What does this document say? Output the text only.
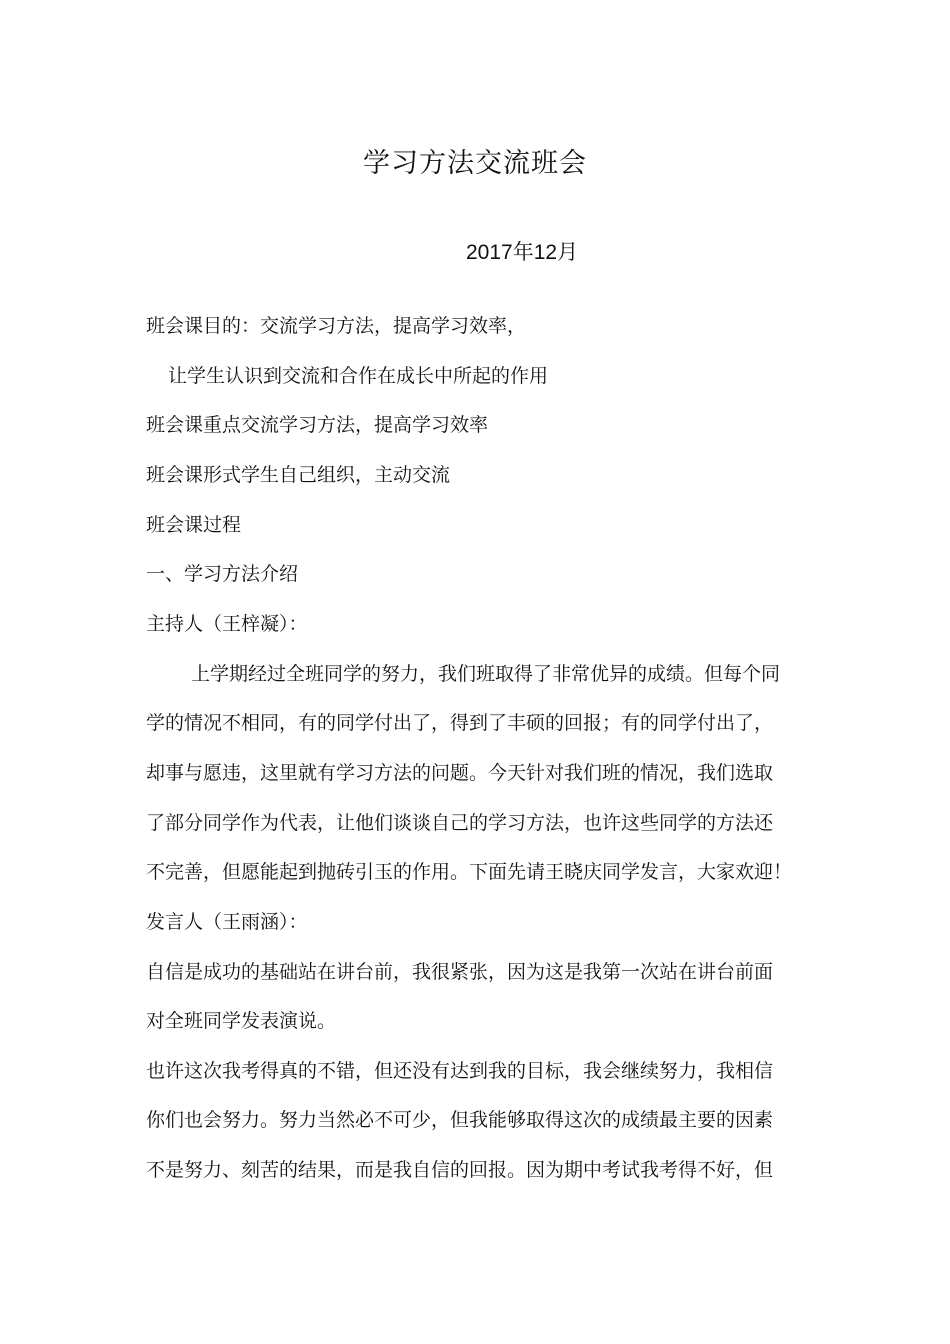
学习方法交流班会
2017年12月
班会课目的：交流学习方法，提高学习效率，
让学生认识到交流和合作在成长中所起的作用
班会课重点交流学习方法，提高学习效率
班会课形式学生自己组织，主动交流
班会课过程
一、学习方法介绍
主持人（王梓凝）：
上学期经过全班同学的努力，我们班取得了非常优异的成绩。但每个同
学的情况不相同，有的同学付出了，得到了丰硕的回报；有的同学付出了，
却事与愿违，这里就有学习方法的问题。今天针对我们班的情况，我们选取
了部分同学作为代表，让他们谈谈自己的学习方法，也许这些同学的方法还
不完善，但愿能起到抛砖引玉的作用。下面先请王晓庆同学发言，大家欢迎！
发言人（王雨涵）：
自信是成功的基础站在讲台前，我很紧张，因为这是我第一次站在讲台前面
对全班同学发表演说。
也许这次我考得真的不错，但还没有达到我的目标，我会继续努力，我相信
你们也会努力。努力当然必不可少，但我能够取得这次的成绩最主要的因素
不是努力、刻苦的结果，而是我自信的回报。因为期中考试我考得不好，但
